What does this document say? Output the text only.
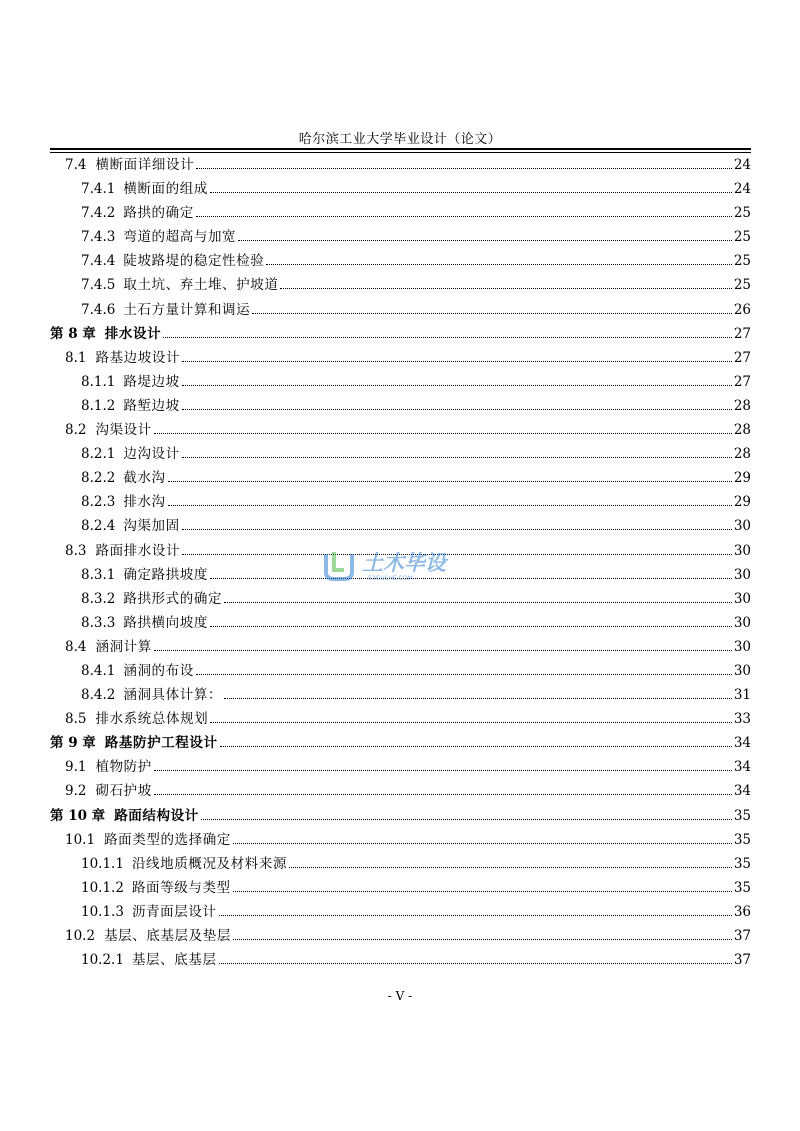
哈尔滨工业大学毕业设计（论文）
7.4 横断面详细设计	24
7.4.1 横断面的组成	24
7.4.2 路拱的确定	25
7.4.3 弯道的超高与加宽	25
7.4.4 陡坡路堤的稳定性检验	25
7.4.5 取土坑、弃土堆、护坡道	25
7.4.6 土石方量计算和调运	26
第 8 章 排水设计	27
8.1 路基边坡设计	27
8.1.1 路堤边坡	27
8.1.2 路堑边坡	28
8.2 沟渠设计	28
8.2.1 边沟设计	28
8.2.2 截水沟	29
8.2.3 排水沟	29
8.2.4 沟渠加固	30
8.3 路面排水设计	30
8.3.1 确定路拱坡度	30
8.3.2 路拱形式的确定	30
8.3.3 路拱横向坡度	30
8.4 涵洞计算	30
8.4.1 涵洞的布设	30
8.4.2 涵洞具体计算：	31
8.5 排水系统总体规划	33
第 9 章 路基防护工程设计	34
9.1 植物防护	34
9.2 砌石护坡	34
第 10 章 路面结构设计	35
10.1 路面类型的选择确定	35
10.1.1 沿线地质概况及材料来源	35
10.1.2 路面等级与类型	35
10.1.3 沥青面层设计	36
10.2 基层、底基层及垫层	37
10.2.1 基层、底基层	37
土木毕设
53GUSHE.COM
- V -
